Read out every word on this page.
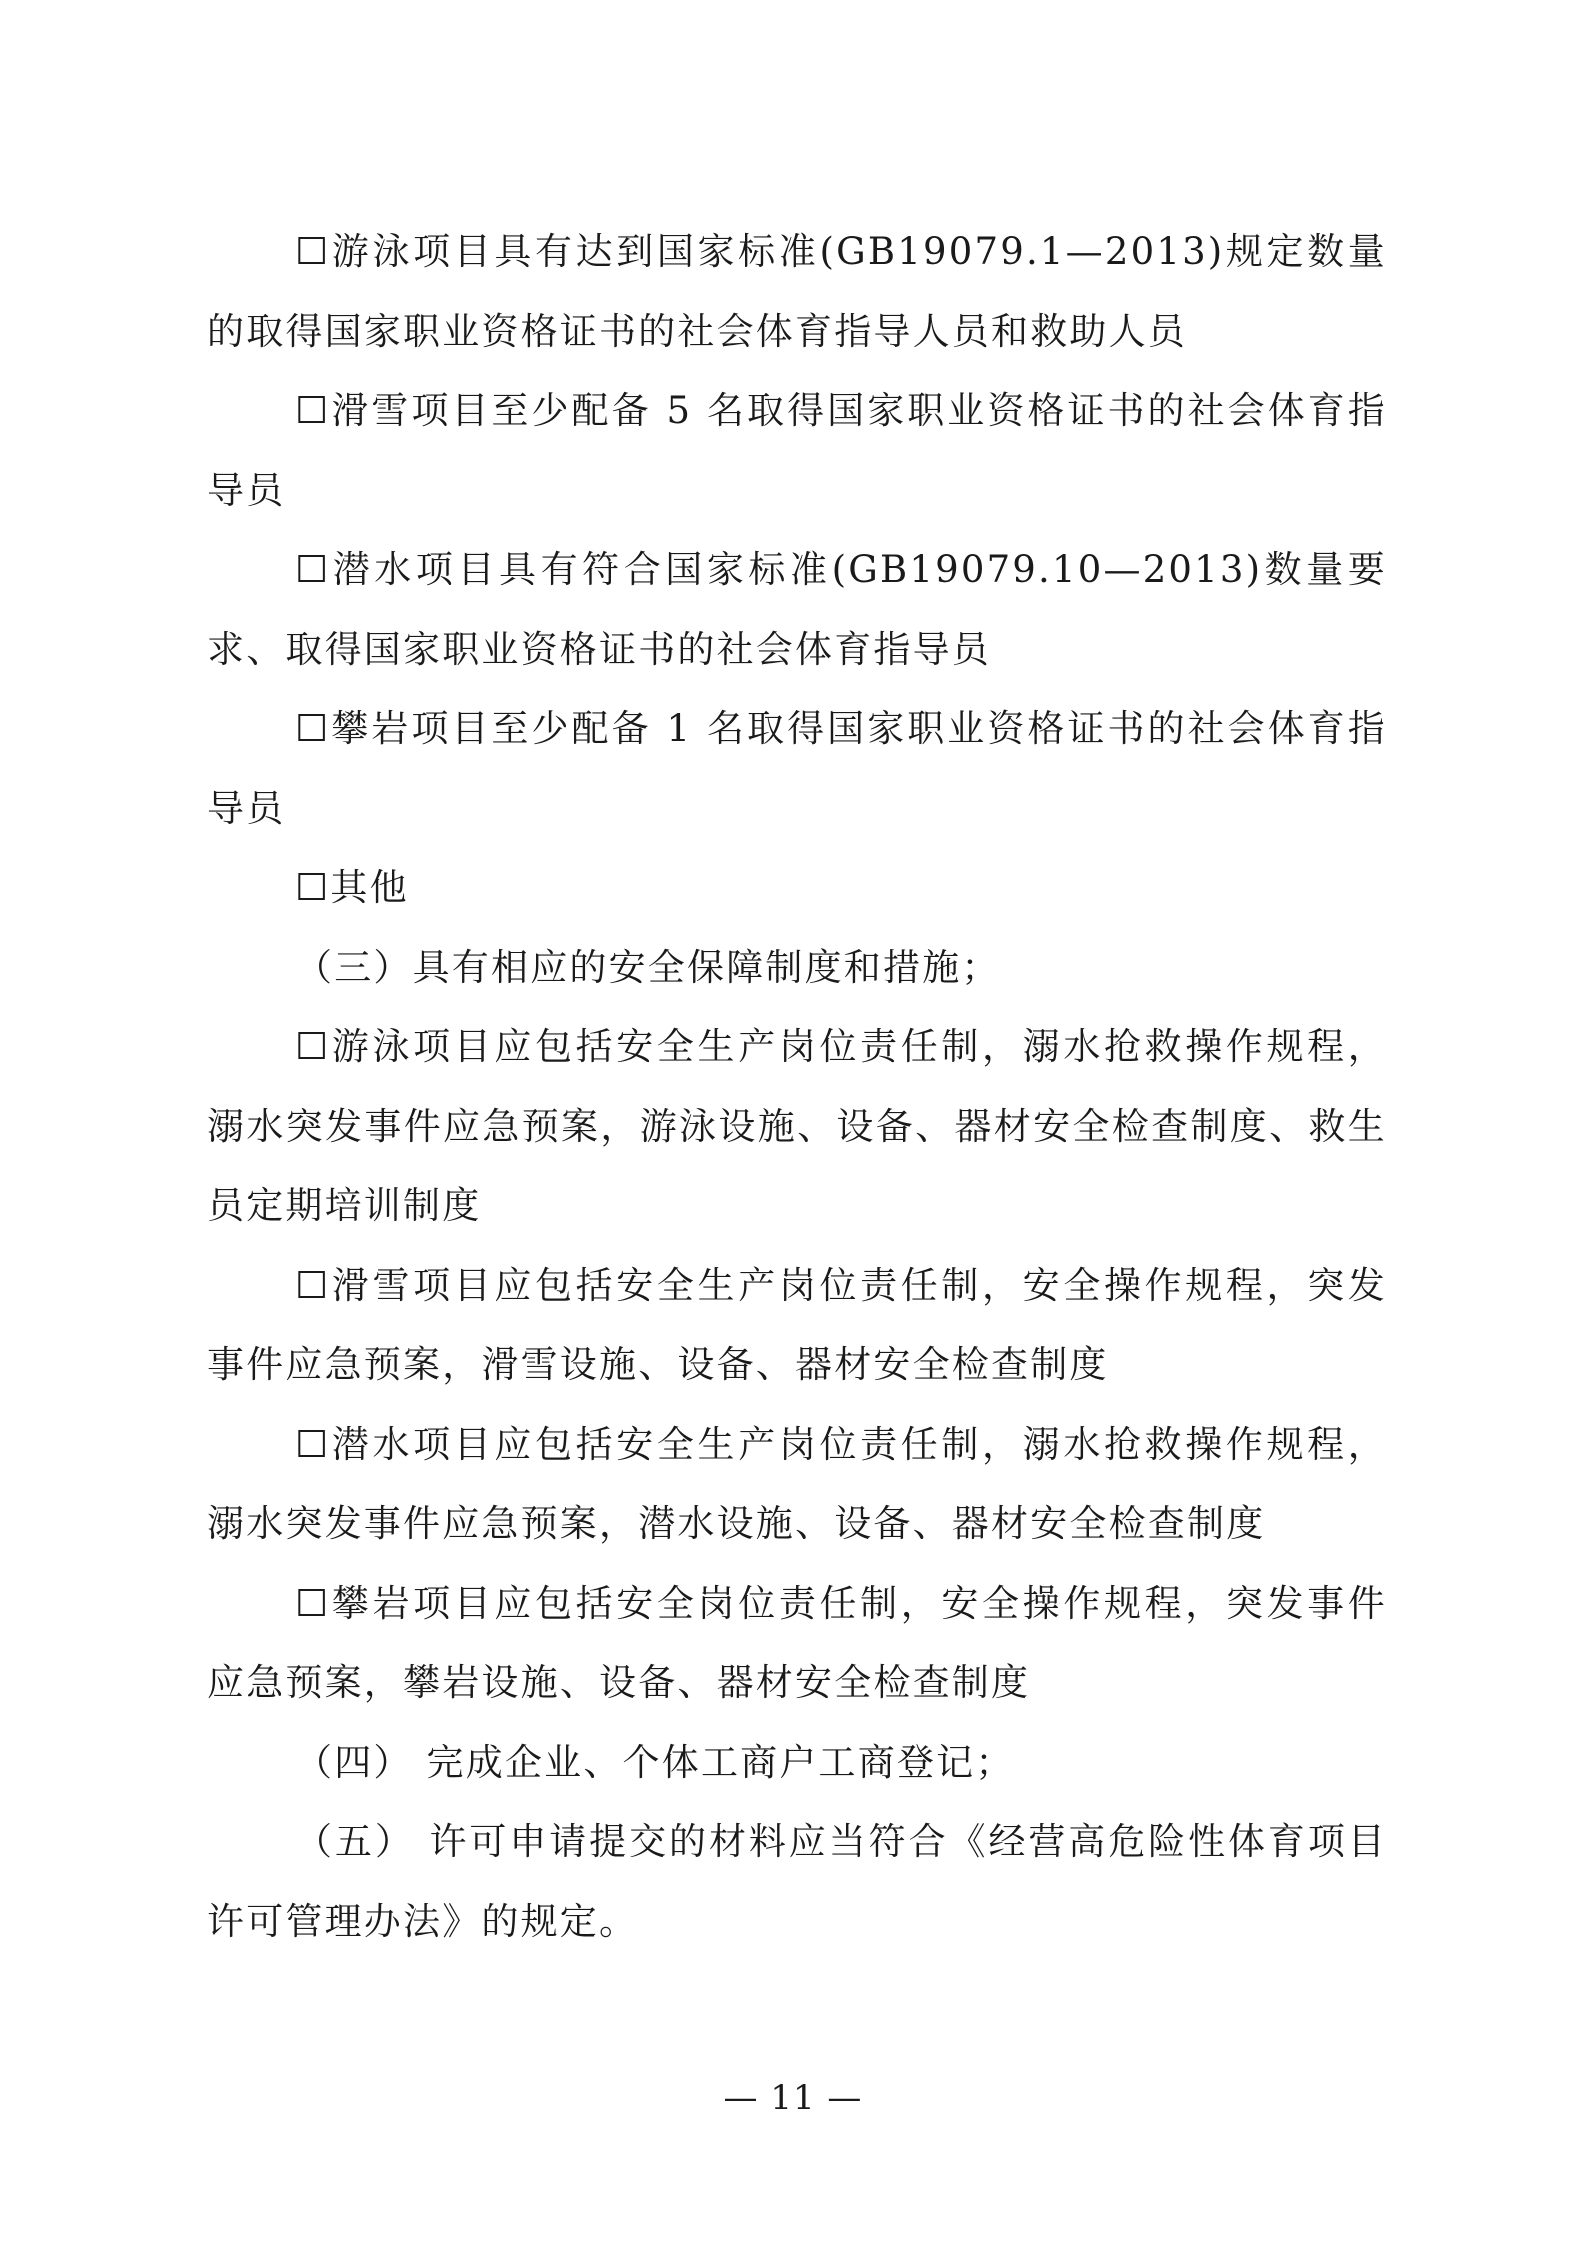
☐游泳项目具有达到国家标准(GB19079.1—2013)规定数量的取得国家职业资格证书的社会体育指导人员和救助人员

☐滑雪项目至少配备 5 名取得国家职业资格证书的社会体育指导员

☐潜水项目具有符合国家标准(GB19079.10—2013)数量要求、取得国家职业资格证书的社会体育指导员

☐攀岩项目至少配备 1 名取得国家职业资格证书的社会体育指导员

☐其他

（三）具有相应的安全保障制度和措施；

☐游泳项目应包括安全生产岗位责任制，溺水抢救操作规程，溺水突发事件应急预案，游泳设施、设备、器材安全检查制度、救生员定期培训制度

☐滑雪项目应包括安全生产岗位责任制，安全操作规程，突发事件应急预案，滑雪设施、设备、器材安全检查制度

☐潜水项目应包括安全生产岗位责任制，溺水抢救操作规程，溺水突发事件应急预案，潜水设施、设备、器材安全检查制度

☐攀岩项目应包括安全岗位责任制，安全操作规程，突发事件应急预案，攀岩设施、设备、器材安全检查制度

（四） 完成企业、个体工商户工商登记；

（五） 许可申请提交的材料应当符合《经营高危险性体育项目许可管理办法》的规定。

— 11 —
